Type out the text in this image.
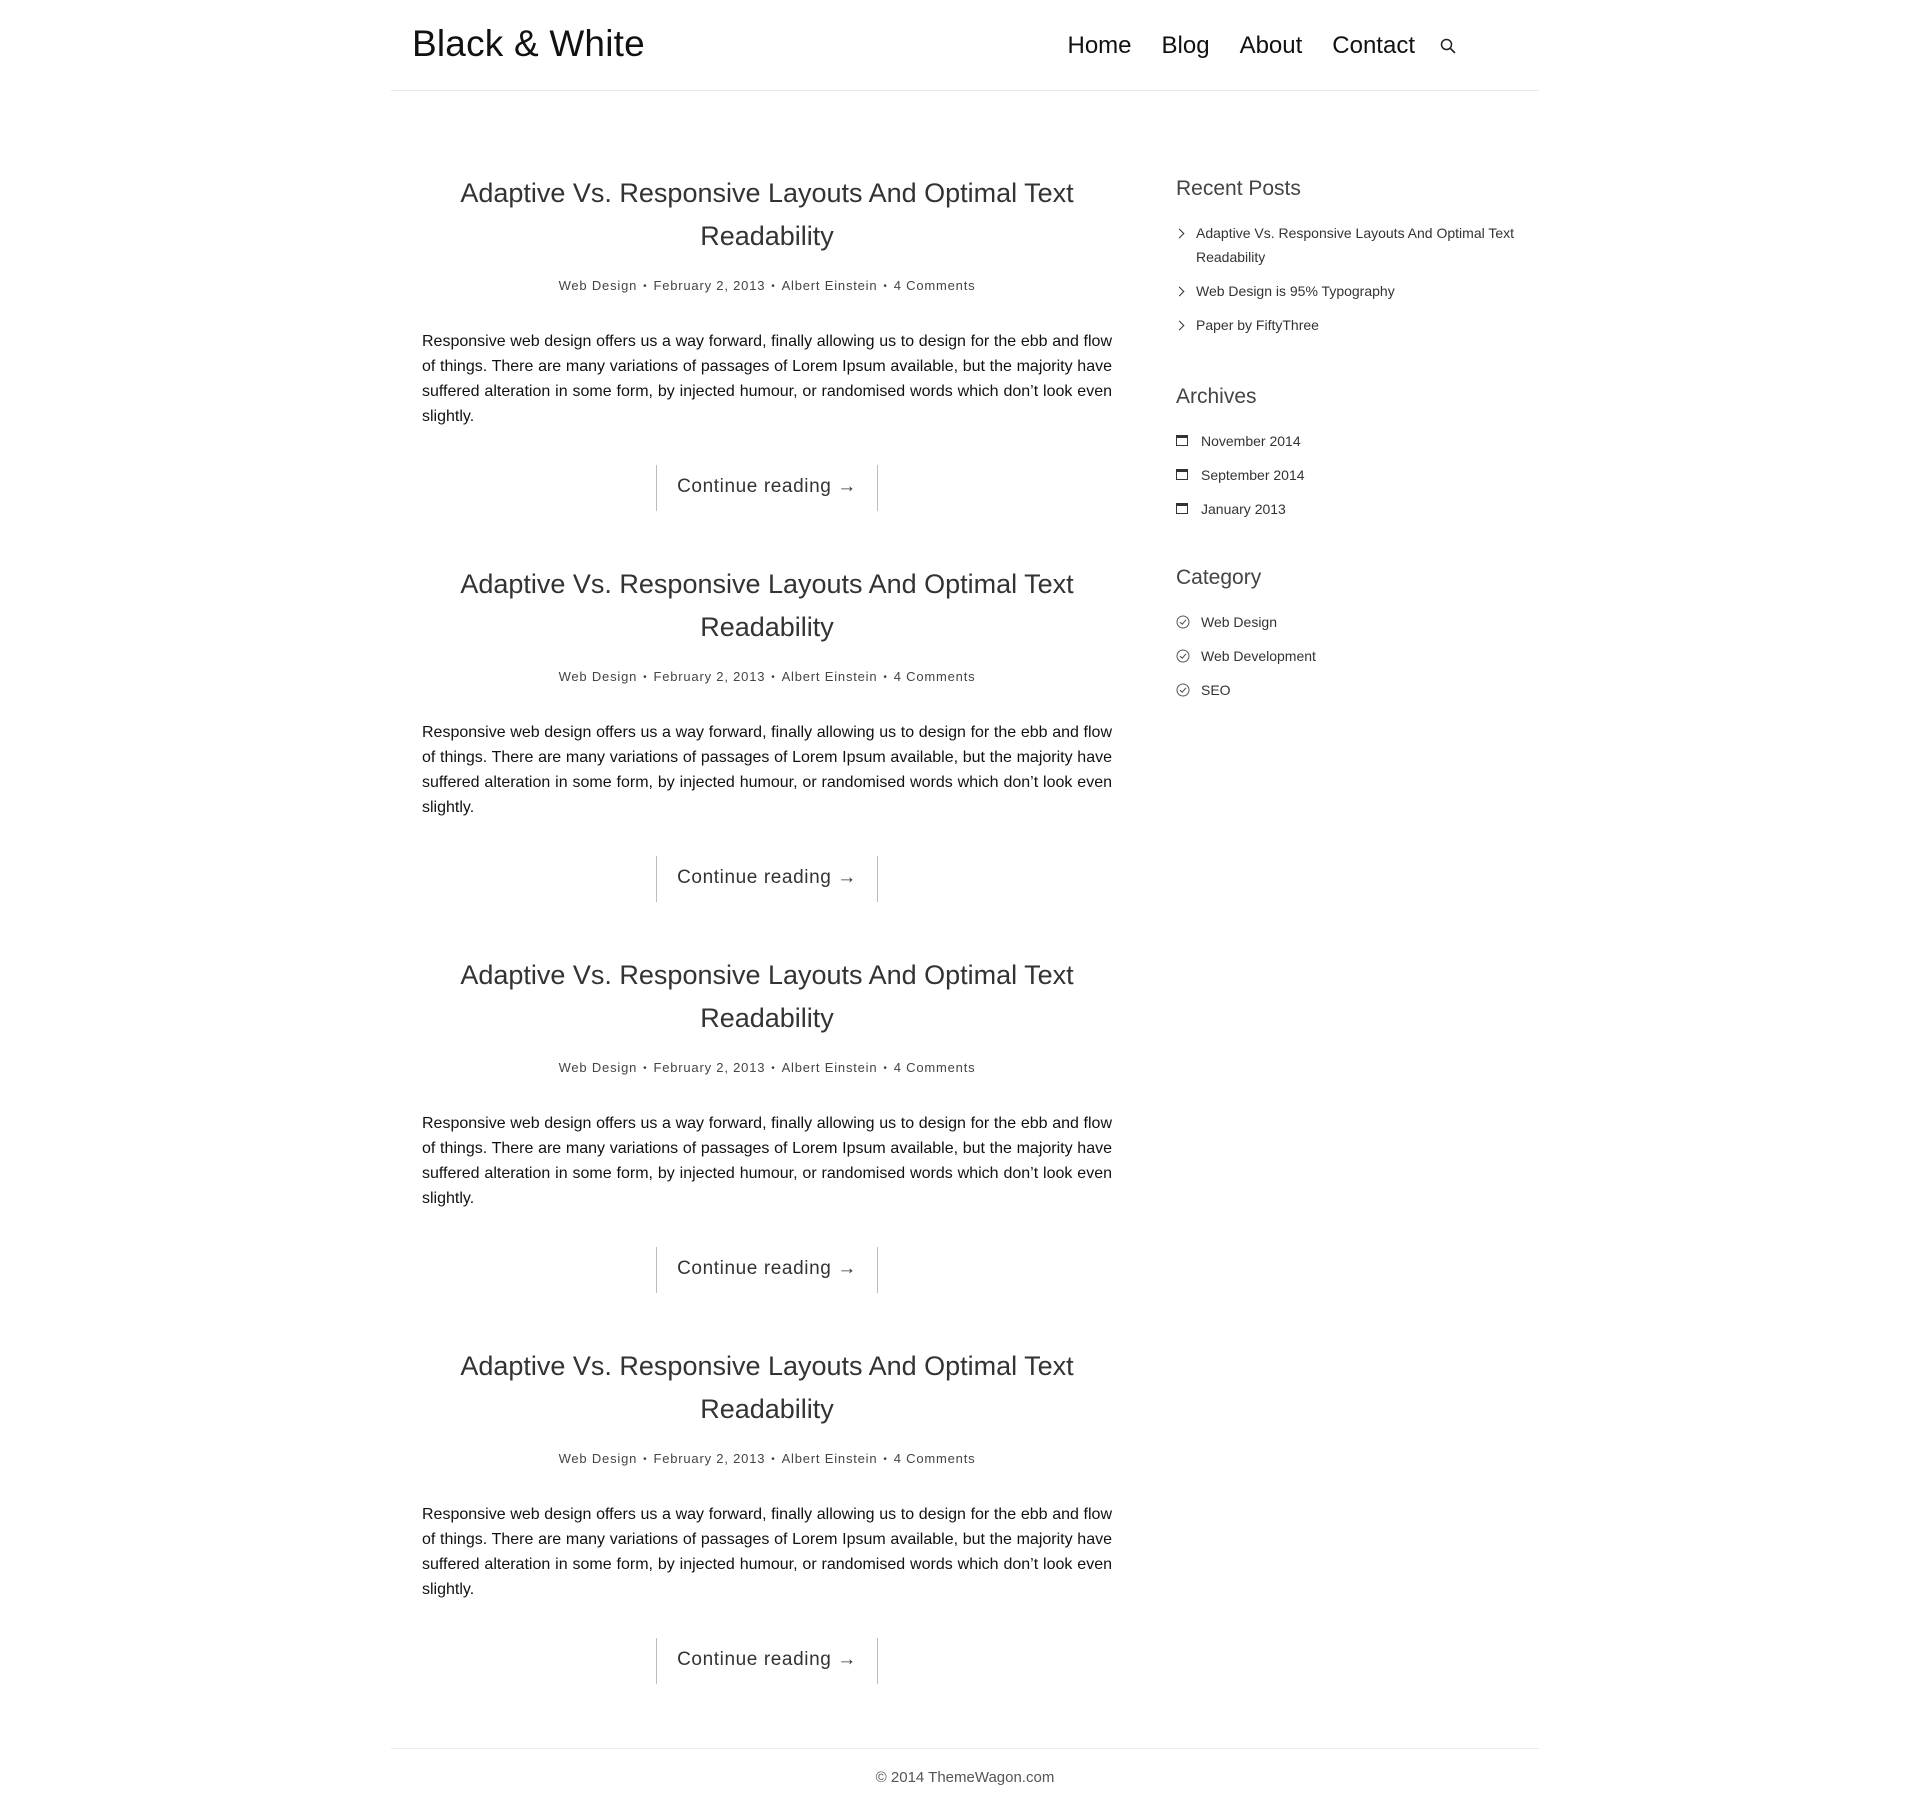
Black & White	Home Blog About Contact
Adaptive Vs. Responsive Layouts And Optimal Text Readability
Web Design • February 2, 2013 • Albert Einstein • 4 Comments

Responsive web design offers us a way forward, finally allowing us to design for the ebb and flow of things. There are many variations of passages of Lorem Ipsum available, but the majority have suffered alteration in some form, by injected humour, or randomised words which don’t look even slightly.

Continue reading →
Adaptive Vs. Responsive Layouts And Optimal Text Readability
Web Design • February 2, 2013 • Albert Einstein • 4 Comments

Responsive web design offers us a way forward, finally allowing us to design for the ebb and flow of things. There are many variations of passages of Lorem Ipsum available, but the majority have suffered alteration in some form, by injected humour, or randomised words which don’t look even slightly.

Continue reading →
Adaptive Vs. Responsive Layouts And Optimal Text Readability
Web Design • February 2, 2013 • Albert Einstein • 4 Comments

Responsive web design offers us a way forward, finally allowing us to design for the ebb and flow of things. There are many variations of passages of Lorem Ipsum available, but the majority have suffered alteration in some form, by injected humour, or randomised words which don’t look even slightly.

Continue reading →
Adaptive Vs. Responsive Layouts And Optimal Text Readability
Web Design • February 2, 2013 • Albert Einstein • 4 Comments

Responsive web design offers us a way forward, finally allowing us to design for the ebb and flow of things. There are many variations of passages of Lorem Ipsum available, but the majority have suffered alteration in some form, by injected humour, or randomised words which don’t look even slightly.

Continue reading →
Recent Posts
Adaptive Vs. Responsive Layouts And Optimal Text Readability
Web Design is 95% Typography
Paper by FiftyThree
Archives
November 2014
September 2014
January 2013
Category
Web Design
Web Development
SEO

© 2014 ThemeWagon.com
